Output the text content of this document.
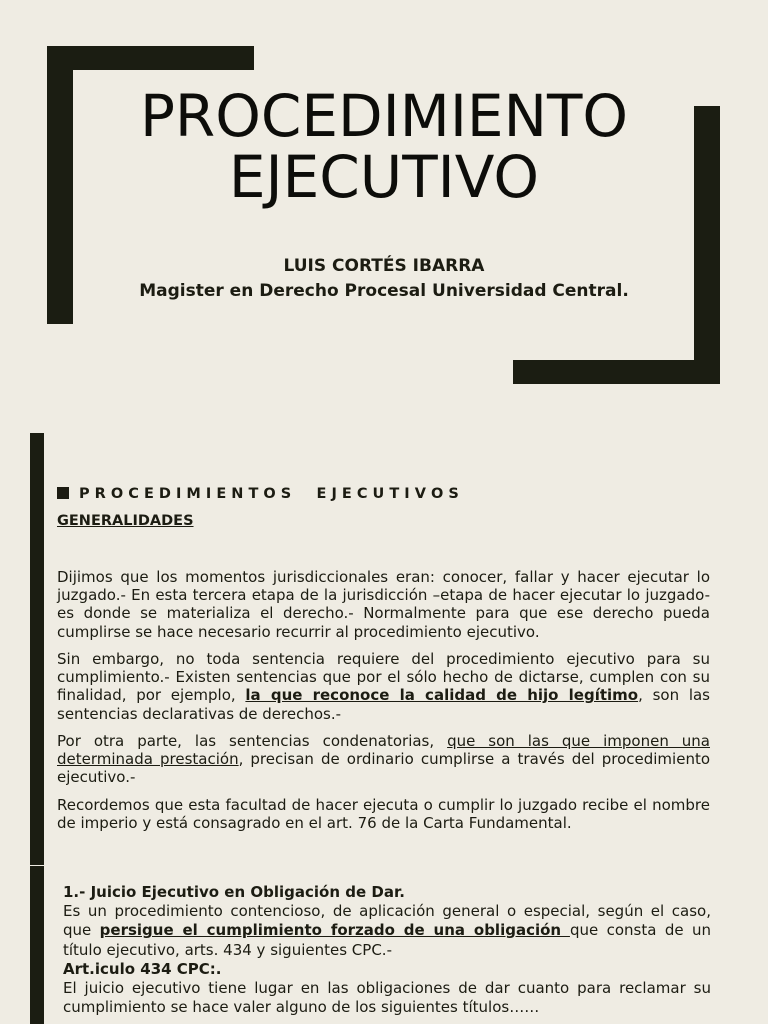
PROCEDIMIENTO
EJECUTIVO
LUIS CORTÉS IBARRA
Magister en Derecho Procesal Universidad Central.
P R O C E D I M I E N T O S     E J E C U T I V O S
GENERALIDADES
Dijimos que los momentos jurisdiccionales eran: conocer, fallar y hacer ejecutar lo juzgado.- En esta tercera etapa de la jurisdicción –etapa de hacer ejecutar lo juzgado- es donde se materializa el derecho.- Normalmente para que ese derecho pueda cumplirse se hace necesario recurrir al procedimiento ejecutivo.
Sin embargo, no toda sentencia requiere del procedimiento ejecutivo para su cumplimiento.- Existen sentencias que por el sólo hecho de dictarse, cumplen con su finalidad, por ejemplo, la que reconoce la calidad de hijo legítimo, son las sentencias declarativas de derechos.-
Por otra parte, las sentencias condenatorias, que son las que imponen una determinada prestación, precisan de ordinario cumplirse a través del procedimiento ejecutivo.-
Recordemos que esta facultad de hacer ejecuta o cumplir lo juzgado recibe el nombre de imperio y está consagrado en el art. 76 de la Carta Fundamental.
1.- Juicio Ejecutivo en Obligación de Dar.
Es un procedimiento contencioso, de aplicación general o especial, según el caso, que persigue el cumplimiento forzado de una obligación que consta de un título ejecutivo, arts. 434 y siguientes CPC.-
Art.iculo 434 CPC:.
El juicio ejecutivo tiene lugar en las obligaciones de dar cuanto para reclamar su cumplimiento se hace valer alguno de los siguientes títulos……
